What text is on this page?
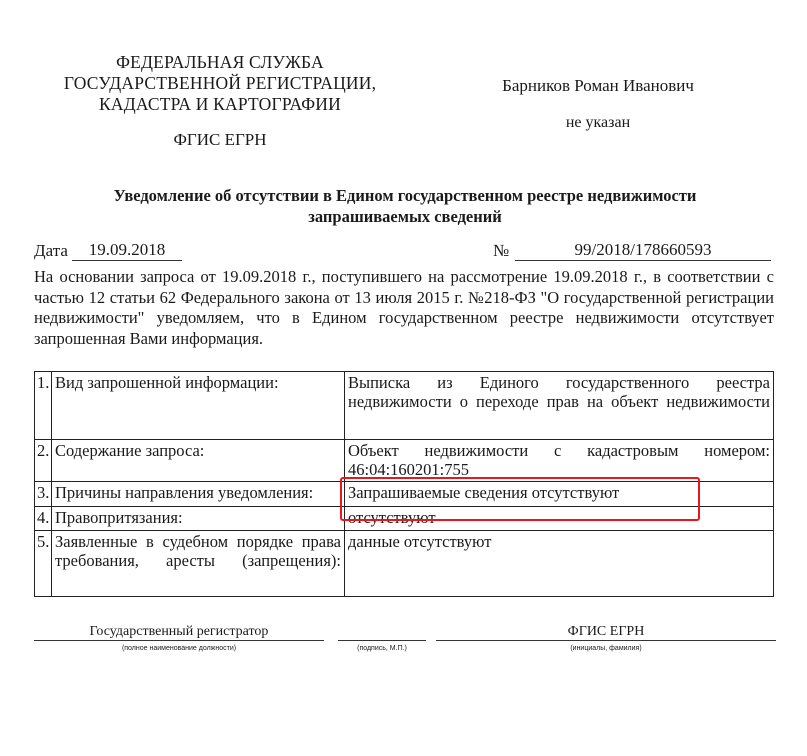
ФЕДЕРАЛЬНАЯ СЛУЖБА
ГОСУДАРСТВЕННОЙ РЕГИСТРАЦИИ,
КАДАСТРА И КАРТОГРАФИИ
ФГИС ЕГРН
Барников Роман Иванович
не указан
Уведомление об отсутствии в Едином государственном реестре недвижимости
запрашиваемых сведений
Дата	19.09.2018	№	99/2018/178660593
На основании запроса от 19.09.2018 г., поступившего на рассмотрение 19.09.2018 г., в соответствии с частью 12 статьи 62 Федерального закона от 13 июля 2015 г. №218-ФЗ "О государственной регистрации недвижимости" уведомляем, что в Едином государственном реестре недвижимости отсутствует запрошенная Вами информация.
1.	Вид запрошенной информации:	Выписка из Единого государственного реестра недвижимости о переходе прав на объект недвижимости
2.	Содержание запроса:	Объект недвижимости с кадастровым номером: 46:04:160201:755

3.	Причины направления уведомления:	Запрашиваемые сведения отсутствуют
4.	Правопритязания:	отсутствуют
5.	Заявленные в судебном порядке права требования, аресты (запрещения):	данные отсутствуют
Государственный регистратор
(полное наименование должности)	(подпись, М.П.)
ФГИС ЕГРН
(инициалы, фамилия)
